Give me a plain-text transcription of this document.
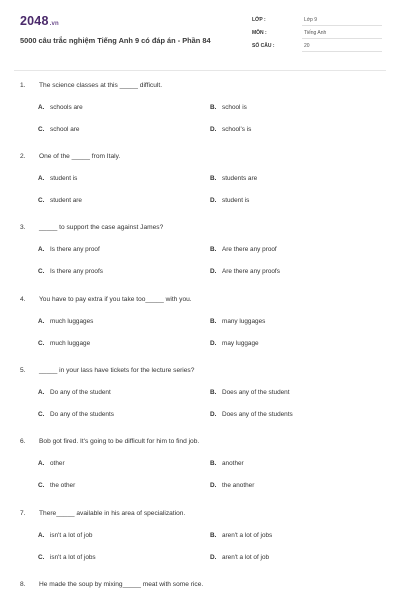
2048.vn
5000 câu trắc nghiệm Tiếng Anh 9 có đáp án - Phần 84
LỚP :	Lớp 9
MÔN :	Tiếng Anh
SỐ CÂU :	20
1. The science classes at this _____ difficult.
A. schools are	B. school is
C. school are	D. school's is
2. One of the _____ from Italy.
A. student is	B. students are
C. student are	D. student is
3. _____ to support the case against James?
A. Is there any proof	B. Are there any proof
C. Is there any proofs	D. Are there any proofs
4. You have to pay extra if you take too_____ with you.
A. much luggages	B. many luggages
C. much luggage	D. may luggage
5. _____ in your lass have tickets for the lecture series?
A. Do any of the student	B. Does any of the student
C. Do any of the students	D. Does any of the students
6. Bob got fired. It's going to be difficult for him to find job.
A. other	B. another
C. the other	D. the another
7. There_____ available in his area of specialization.
A. isn't a lot of job	B. aren't a lot of jobs
C. isn't a lot of jobs	D. aren't a lot of job
8. He made the soup by mixing_____ meat with some rice.
